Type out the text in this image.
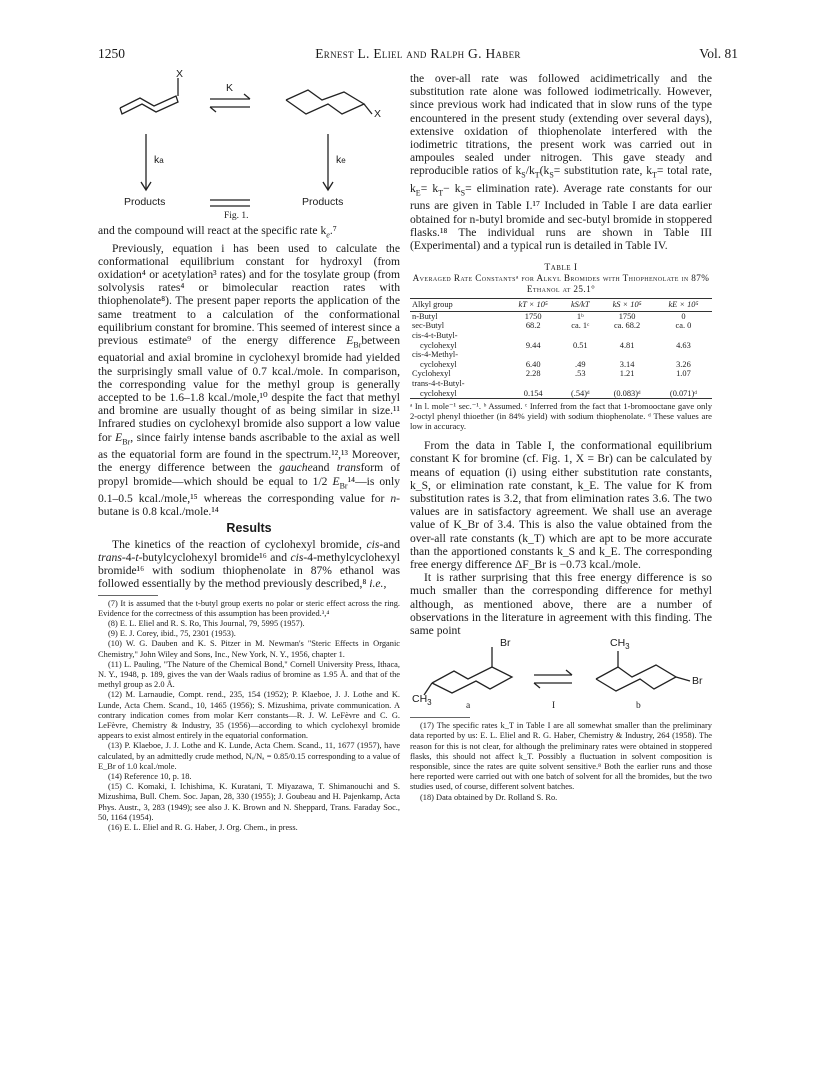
1250	Ernest L. Eliel and Ralph G. Haber	Vol. 81
X
X
K
ka	ke
Products	Products
Fig. 1.

and the compound will react at the specific rate $k_e.^7$

Previously, equation i has been used to calculate the conformational equilibrium constant for hydroxyl (from oxidation⁴ or acetylation³ rates) and for the tosylate group (from solvolysis rates⁴ or bimolecular reaction rates with thiophenolate⁸). The present paper reports the application of the same treatment to a calculation of the conformational equilibrium constant for bromine. This seemed of interest since a previous estimate⁹ of the energy difference $E_{Br}between$ equatorial and axial bromine in cyclohexyl bromide had yielded the surprisingly small value of 0.7 kcal./mole. In comparison, the corresponding value for the methyl group is generally accepted to be 1.6–1.8 kcal./mole,¹⁰ despite the fact that methyl and bromine are usually thought of as being similar in size.¹¹ Infrared studies on cyclohexyl bromide also support a low value for $E_{Br}$, since fairly intense bands ascribable to the axial as well as the equatorial form are found in the spectrum.¹²,¹³ Moreover, the energy difference between the gaucheand transform of propyl bromide—which should be equal to 1/2 $E_{Br}^{14}—is$ only 0.1–0.5 kcal./mole,¹⁵ whereas the corresponding value for n-butane is 0.8 kcal./mole.¹⁴

Results

The kinetics of the reaction of cyclohexyl bromide, cis-and trans-4-t-butylcyclohexyl bromide¹⁶ and cis-4-methylcyclohexyl bromide¹⁶ with sodium thiophenolate in 87% ethanol was followed essentially by the method previously described,⁸ i.e.,

(7) It is assumed that the t-butyl group exerts no polar or steric effect across the ring. Evidence for the correctness of this assumption has been provided.³,⁴

(8) E. L. Eliel and R. S. Ro, This Journal, 79, 5995 (1957).

(9) E. J. Corey, ibid., 75, 2301 (1953).

(10) W. G. Dauben and K. S. Pitzer in M. Newman's "Steric Effects in Organic Chemistry," John Wiley and Sons, Inc., New York, N. Y., 1956, chapter 1.

(11) L. Pauling, "The Nature of the Chemical Bond," Cornell University Press, Ithaca, N. Y., 1948, p. 189, gives the van der Waals radius of bromine as 1.95 Å. and that of the methyl group as 2.0 Å.

(12) M. Larnaudie, Compt. rend., 235, 154 (1952); P. Klaeboe, J. J. Lothe and K. Lunde, Acta Chem. Scand., 10, 1465 (1956); S. Mizushima, private communication. A contrary indication comes from molar Kerr constants—R. J. W. LeFèvre and C. G. LeFèvre, Chemistry & Industry, 35 (1956)—according to which cyclohexyl bromide appears to exist almost entirely in the equatorial conformation.

(13) P. Klaeboe, J. J. Lothe and K. Lunde, Acta Chem. Scand., 11, 1677 (1957), have calculated, by an admittedly crude method, Nₑ/Nₐ = 0.85/0.15 corresponding to a value of E_Br of 1.0 kcal./mole.

(14) Reference 10, p. 18.

(15) C. Komaki, I. Ichishima, K. Kuratani, T. Miyazawa, T. Shimanouchi and S. Mizushima, Bull. Chem. Soc. Japan, 28, 330 (1955); J. Goubeau and H. Pajenkamp, Acta Phys. Austr., 3, 283 (1949); see also J. K. Brown and N. Sheppard, Trans. Faraday Soc., 50, 1164 (1954).

(16) E. L. Eliel and R. G. Haber, J. Org. Chem., in press.

the over-all rate was followed acidimetrically and the substitution rate alone was followed iodimetrically. However, since previous work had indicated that in slow runs of the type encountered in the present study (extending over several days), extensive oxidation of thiophenolate interfered with the iodimetric titrations, the present work was carried out in ampoules sealed under nitrogen. This gave steady and reproducible ratios of $k_S/k_T(k_S=$ substitution rate, $k_T=$ total rate, $k_E= k_T- k_S=$ elimination rate). Average rate constants for our runs are given in Table I.¹⁷ Included in Table I are data earlier obtained for n-butyl bromide and sec-butyl bromide in stoppered flasks.¹⁸ The individual runs are shown in Table III (Experimental) and a typical run is detailed in Table IV.

Table I

Averaged Rate Constantsᵃ for Alkyl Bromides with Thiophenolate in 87% Ethanol at 25.1°

Alkyl group	kT × 10⁵	kS/kT	kS × 10⁵	kE × 10⁵
n-Butyl	1750	1ᵇ	1750	0
sec-Butyl	68.2	ca. 1ᶜ	ca. 68.2	ca. 0
cis-4-t-Butyl-				
cyclohexyl	9.44	0.51	4.81	4.63
cis-4-Methyl-				
cyclohexyl	6.40	.49	3.14	3.26
Cyclohexyl	2.28	.53	1.21	1.07
trans-4-t-Butyl-				
cyclohexyl	0.154	(.54)ᵈ	(0.083)ᵈ	(0.071)ᵈ

ᵃ In l. mole⁻¹ sec.⁻¹. ᵇ Assumed. ᶜ Inferred from the fact that 1-bromooctane gave only 2-octyl phenyl thioether (in 84% yield) with sodium thiophenolate. ᵈ These values are low in accuracy.

From the data in Table I, the conformational equilibrium constant K for bromine (cf. Fig. 1, X = Br) can be calculated by means of equation (i) using either substitution rate constants, k_S, or elimination rate constant, k_E. The value for K from substitution rates is 3.2, that from elimination rates 3.6. The two values are in satisfactory agreement. We shall use an average value of K_Br of 3.4. This is also the value obtained from the over-all rate constants (k_T) which are apt to be more accurate than the apportioned constants k_S and k_E. The corresponding free energy difference ΔF_Br is −0.73 kcal./mole.

It is rather surprising that this free energy difference is so much smaller than the corresponding difference for methyl although, as mentioned above, there are a number of observations in the literature in agreement with this finding. The same point

Br
$CH_3$
$CH_3$
Br
a	I	b

(17) The specific rates k_T in Table I are all somewhat smaller than the preliminary data reported by us: E. L. Eliel and R. G. Haber, Chemistry & Industry, 264 (1958). The reason for this is not clear, for although the preliminary rates were obtained in stoppered flasks, this should not affect k_T. Possibly a fluctuation in solvent composition is responsible, since the rates are quite solvent sensitive.⁸ Both the earlier runs and those here reported were carried out with one batch of solvent for all the bromides, but the two studies used, of course, different solvent batches.

(18) Data obtained by Dr. Rolland S. Ro.
